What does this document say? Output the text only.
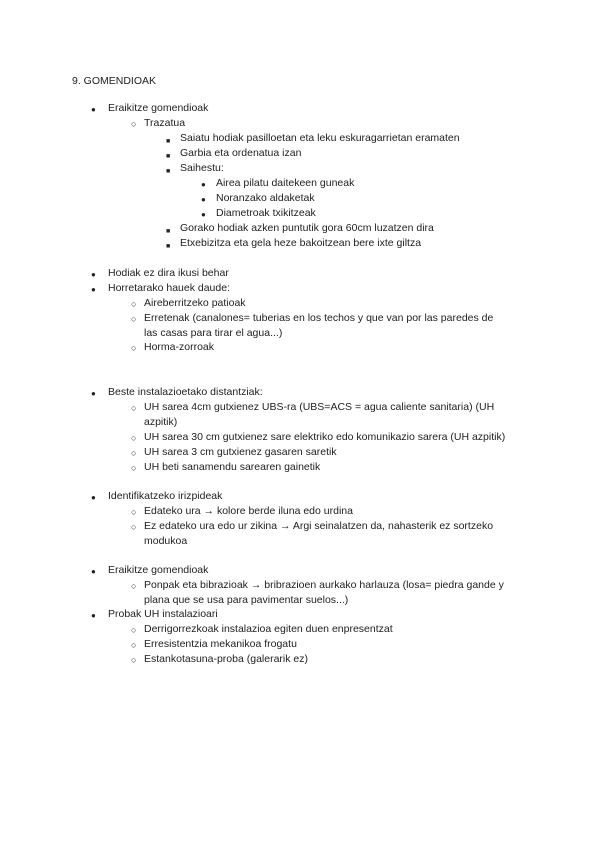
9. GOMENDIOAK
●
Eraikitze gomendioak
○
Trazatua
■
Saiatu hodiak pasilloetan eta leku eskuragarrietan eramaten
■
Garbia eta ordenatua izan
■
Saihestu:
●
Airea pilatu daitekeen guneak
●
Noranzako aldaketak
●
Diametroak txikitzeak
■
Gorako hodiak azken puntutik gora 60cm luzatzen dira
■
Etxebizitza eta gela heze bakoitzean bere ixte giltza
●
Hodiak ez dira ikusi behar
●
Horretarako hauek daude:
○
Aireberritzeko patioak
○
Erretenak (canalones= tuberias en los techos y que van por las paredes de
las casas para tirar el agua...)
○
Horma-zorroak
●
Beste instalazioetako distantziak:
○
UH sarea 4cm gutxienez UBS-ra (UBS=ACS = agua caliente sanitaria) (UH
azpitik)
○
UH sarea 30 cm gutxienez sare elektriko edo komunikazio sarera (UH azpitik)
○
UH sarea 3 cm gutxienez gasaren saretik
○
UH beti sanamendu sarearen gainetik
●
Identifikatzeko irizpideak
○
Edateko ura → kolore berde iluna edo urdina
○
Ez edateko ura edo ur zikina → Argi seinalatzen da, nahasterik ez sortzeko
modukoa
●
Eraikitze gomendioak
○
Ponpak eta bibrazioak → bribrazioen aurkako harlauza (losa= piedra gande y
plana que se usa para pavimentar suelos...)
●
Probak UH instalazioari
○
Derrigorrezkoak instalazioa egiten duen enpresentzat
○
Erresistentzia mekanikoa frogatu
○
Estankotasuna-proba (galerarik ez)
